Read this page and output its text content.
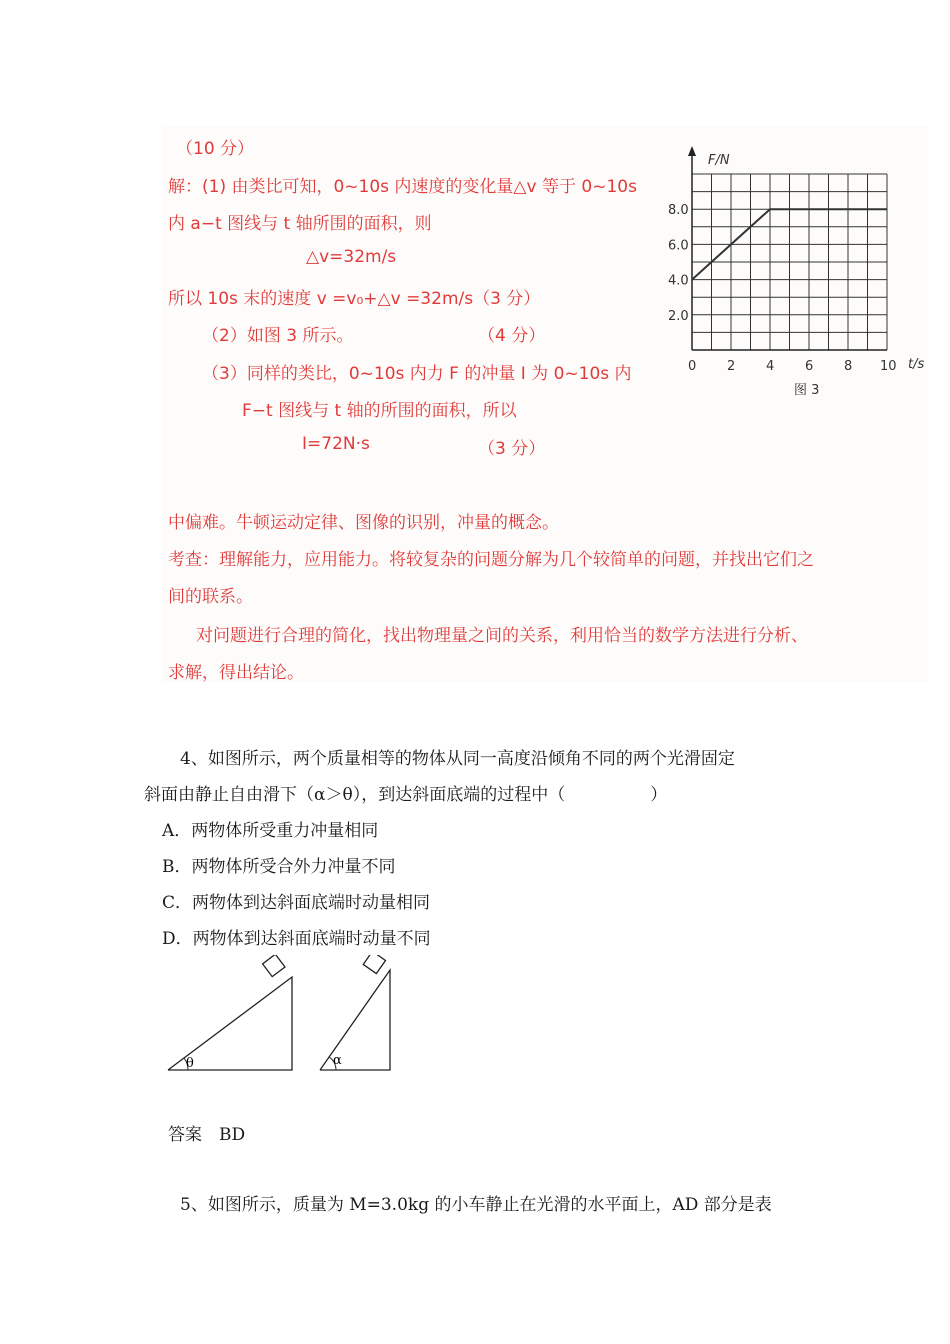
（10 分）
解：(1) 由类比可知，0~10s 内速度的变化量△v 等于 0~10s
内 a−t 图线与 t 轴所围的面积，则
△v=32m/s
所以 10s 末的速度 v =v₀+△v =32m/s（3 分）
（2）如图 3 所示。	（4 分）
（3）同样的类比，0~10s 内力 F 的冲量 I 为 0~10s 内
F−t 图线与 t 轴的所围的面积，所以
I=72N·s	（3 分）
0 2 4 6 8 10
2.0
4.0
6.0
8.0
F/N
t/s
图 3
中偏难。牛顿运动定律、图像的识别，冲量的概念。
考查：理解能力，应用能力。将较复杂的问题分解为几个较简单的问题，并找出它们之
间的联系。
对问题进行合理的简化，找出物理量之间的关系，利用恰当的数学方法进行分析、
求解，得出结论。
4、如图所示，两个质量相等的物体从同一高度沿倾角不同的两个光滑固定
斜面由静止自由滑下（α＞θ），到达斜面底端的过程中（　　　　　）
A．两物体所受重力冲量相同
B．两物体所受合外力冲量不同
C．两物体到达斜面底端时动量相同
D．两物体到达斜面底端时动量不同
θ	α
答案　BD
5、如图所示，质量为 M=3.0kg 的小车静止在光滑的水平面上，AD 部分是表
